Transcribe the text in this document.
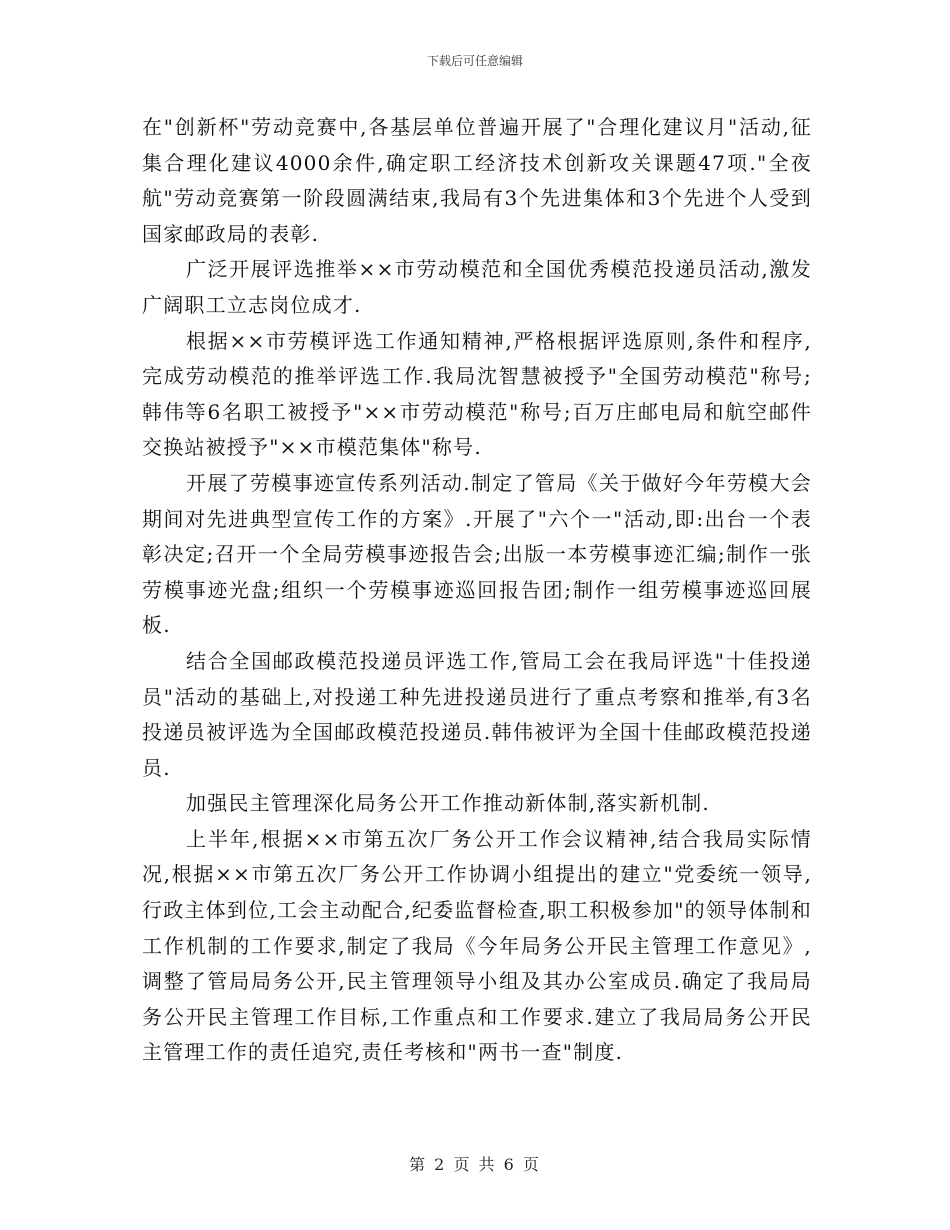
下载后可任意编辑

在"创新杯"劳动竞赛中,各基层单位普遍开展了"合理化建议月"活动,征集合理化建议4000余件,确定职工经济技术创新攻关课题47项."全夜航"劳动竞赛第一阶段圆满结束,我局有3个先进集体和3个先进个人受到国家邮政局的表彰.

广泛开展评选推举××市劳动模范和全国优秀模范投递员活动,激发广阔职工立志岗位成才.

根据××市劳模评选工作通知精神,严格根据评选原则,条件和程序,完成劳动模范的推举评选工作.我局沈智慧被授予"全国劳动模范"称号;韩伟等6名职工被授予"××市劳动模范"称号;百万庄邮电局和航空邮件交换站被授予"××市模范集体"称号.

开展了劳模事迹宣传系列活动.制定了管局《关于做好今年劳模大会期间对先进典型宣传工作的方案》.开展了"六个一"活动,即:出台一个表彰决定;召开一个全局劳模事迹报告会;出版一本劳模事迹汇编;制作一张劳模事迹光盘;组织一个劳模事迹巡回报告团;制作一组劳模事迹巡回展板.

结合全国邮政模范投递员评选工作,管局工会在我局评选"十佳投递员"活动的基础上,对投递工种先进投递员进行了重点考察和推举,有3名投递员被评选为全国邮政模范投递员.韩伟被评为全国十佳邮政模范投递员.

加强民主管理深化局务公开工作推动新体制,落实新机制.

上半年,根据××市第五次厂务公开工作会议精神,结合我局实际情况,根据××市第五次厂务公开工作协调小组提出的建立"党委统一领导,行政主体到位,工会主动配合,纪委监督检查,职工积极参加"的领导体制和工作机制的工作要求,制定了我局《今年局务公开民主管理工作意见》,调整了管局局务公开,民主管理领导小组及其办公室成员.确定了我局局务公开民主管理工作目标,工作重点和工作要求.建立了我局局务公开民主管理工作的责任追究,责任考核和"两书一查"制度.

第 2 页 共 6 页
